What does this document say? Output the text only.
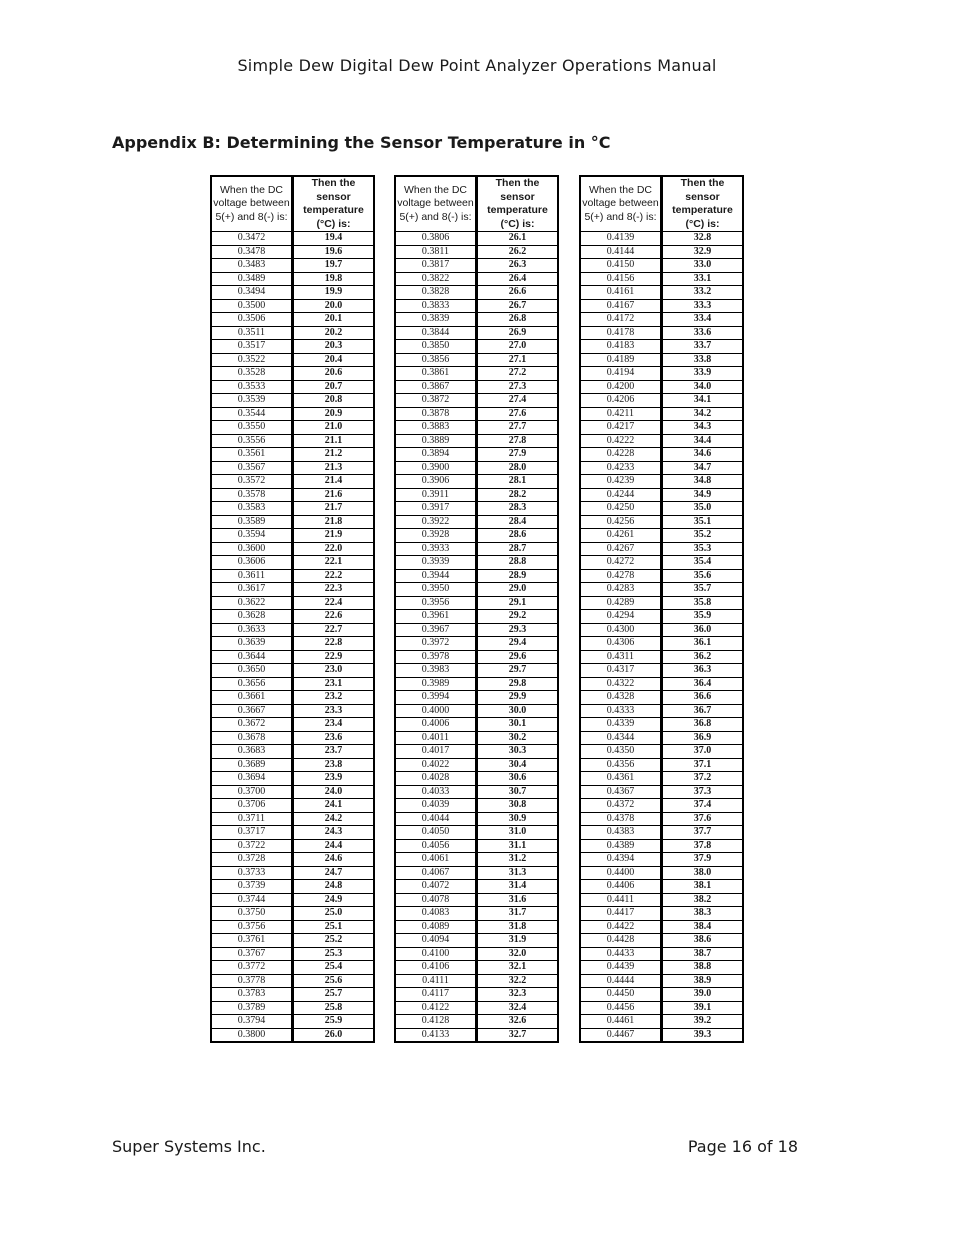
Simple Dew Digital Dew Point Analyzer Operations Manual
Appendix B: Determining the Sensor Temperature in °C
When the DC voltage between 5(+) and 8(-) is:	Then the sensor temperature (°C) is:
0.3472	19.4
0.3478	19.6
0.3483	19.7
0.3489	19.8
0.3494	19.9
0.3500	20.0
0.3506	20.1
0.3511	20.2
0.3517	20.3
0.3522	20.4
0.3528	20.6
0.3533	20.7
0.3539	20.8
0.3544	20.9
0.3550	21.0
0.3556	21.1
0.3561	21.2
0.3567	21.3
0.3572	21.4
0.3578	21.6
0.3583	21.7
0.3589	21.8
0.3594	21.9
0.3600	22.0
0.3606	22.1
0.3611	22.2
0.3617	22.3
0.3622	22.4
0.3628	22.6
0.3633	22.7
0.3639	22.8
0.3644	22.9
0.3650	23.0
0.3656	23.1
0.3661	23.2
0.3667	23.3
0.3672	23.4
0.3678	23.6
0.3683	23.7
0.3689	23.8
0.3694	23.9
0.3700	24.0
0.3706	24.1
0.3711	24.2
0.3717	24.3
0.3722	24.4
0.3728	24.6
0.3733	24.7
0.3739	24.8
0.3744	24.9
0.3750	25.0
0.3756	25.1
0.3761	25.2
0.3767	25.3
0.3772	25.4
0.3778	25.6
0.3783	25.7
0.3789	25.8
0.3794	25.9
0.3800	26.0
When the DC voltage between 5(+) and 8(-) is:	Then the sensor temperature (°C) is:
0.3806	26.1
0.3811	26.2
0.3817	26.3
0.3822	26.4
0.3828	26.6
0.3833	26.7
0.3839	26.8
0.3844	26.9
0.3850	27.0
0.3856	27.1
0.3861	27.2
0.3867	27.3
0.3872	27.4
0.3878	27.6
0.3883	27.7
0.3889	27.8
0.3894	27.9
0.3900	28.0
0.3906	28.1
0.3911	28.2
0.3917	28.3
0.3922	28.4
0.3928	28.6
0.3933	28.7
0.3939	28.8
0.3944	28.9
0.3950	29.0
0.3956	29.1
0.3961	29.2
0.3967	29.3
0.3972	29.4
0.3978	29.6
0.3983	29.7
0.3989	29.8
0.3994	29.9
0.4000	30.0
0.4006	30.1
0.4011	30.2
0.4017	30.3
0.4022	30.4
0.4028	30.6
0.4033	30.7
0.4039	30.8
0.4044	30.9
0.4050	31.0
0.4056	31.1
0.4061	31.2
0.4067	31.3
0.4072	31.4
0.4078	31.6
0.4083	31.7
0.4089	31.8
0.4094	31.9
0.4100	32.0
0.4106	32.1
0.4111	32.2
0.4117	32.3
0.4122	32.4
0.4128	32.6
0.4133	32.7
When the DC voltage between 5(+) and 8(-) is:	Then the sensor temperature (°C) is:
0.4139	32.8
0.4144	32.9
0.4150	33.0
0.4156	33.1
0.4161	33.2
0.4167	33.3
0.4172	33.4
0.4178	33.6
0.4183	33.7
0.4189	33.8
0.4194	33.9
0.4200	34.0
0.4206	34.1
0.4211	34.2
0.4217	34.3
0.4222	34.4
0.4228	34.6
0.4233	34.7
0.4239	34.8
0.4244	34.9
0.4250	35.0
0.4256	35.1
0.4261	35.2
0.4267	35.3
0.4272	35.4
0.4278	35.6
0.4283	35.7
0.4289	35.8
0.4294	35.9
0.4300	36.0
0.4306	36.1
0.4311	36.2
0.4317	36.3
0.4322	36.4
0.4328	36.6
0.4333	36.7
0.4339	36.8
0.4344	36.9
0.4350	37.0
0.4356	37.1
0.4361	37.2
0.4367	37.3
0.4372	37.4
0.4378	37.6
0.4383	37.7
0.4389	37.8
0.4394	37.9
0.4400	38.0
0.4406	38.1
0.4411	38.2
0.4417	38.3
0.4422	38.4
0.4428	38.6
0.4433	38.7
0.4439	38.8
0.4444	38.9
0.4450	39.0
0.4456	39.1
0.4461	39.2
0.4467	39.3
Super Systems Inc.	Page 16 of 18
